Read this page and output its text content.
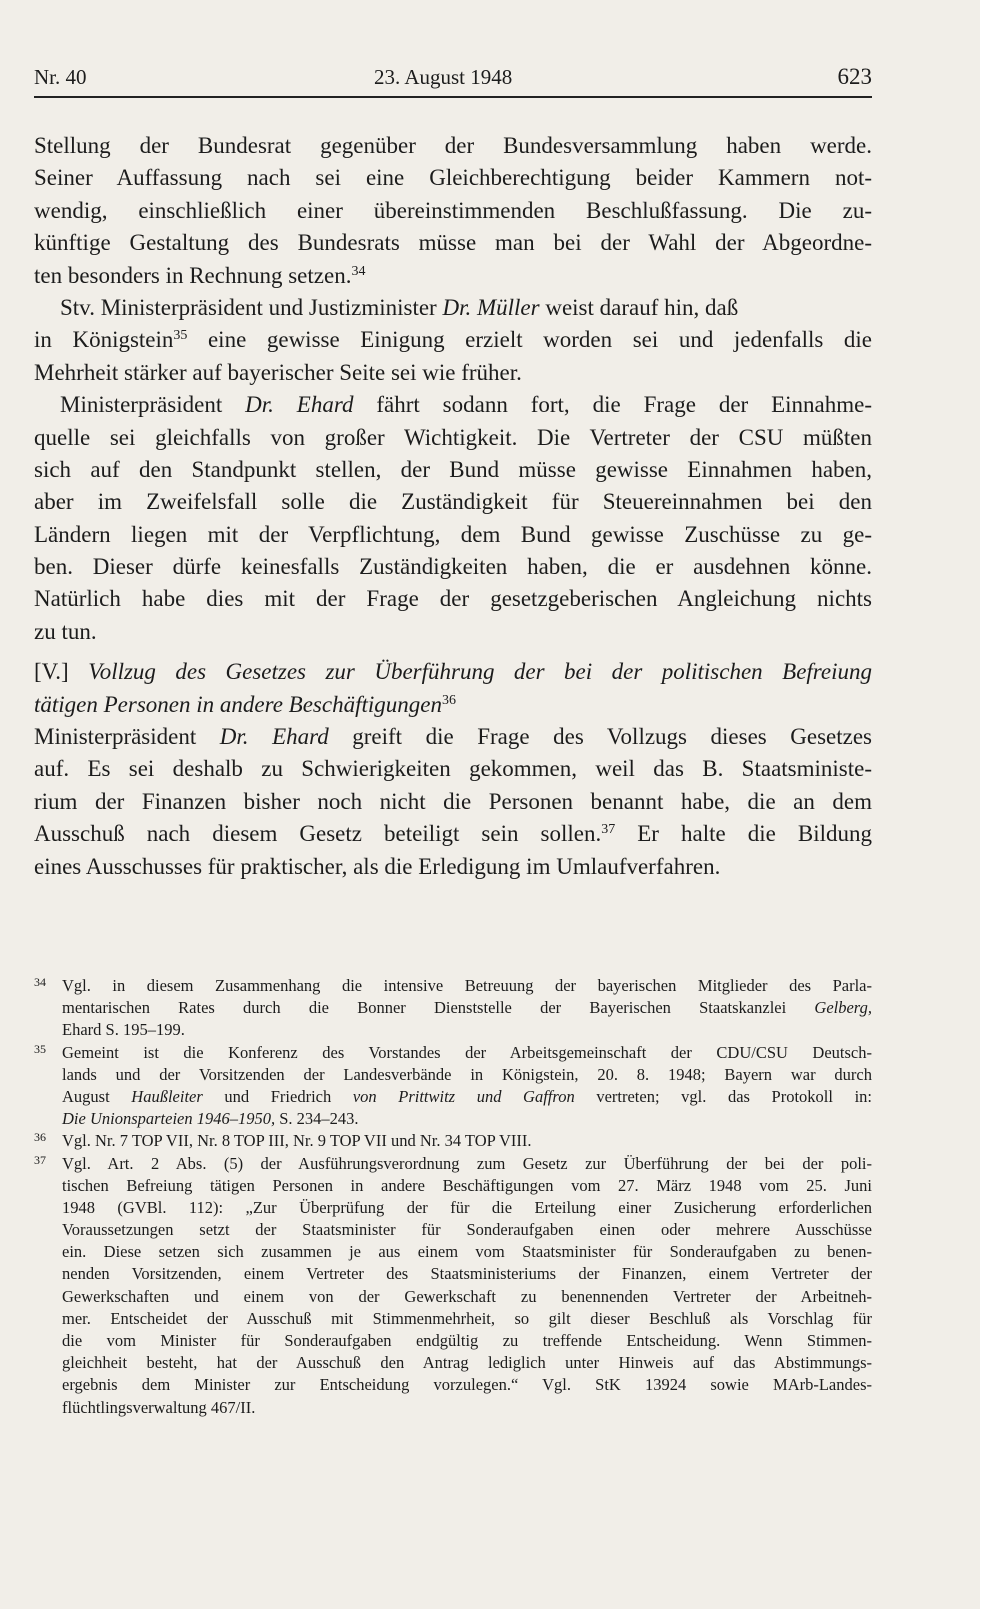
Nr. 40	23. August 1948	623
Stellung der Bundesrat gegenüber der Bundesversammlung haben werde.
Seiner Auffassung nach sei eine Gleichberechtigung beider Kammern not-
wendig, einschließlich einer übereinstimmenden Beschlußfassung. Die zu-
künftige Gestaltung des Bundesrats müsse man bei der Wahl der Abgeordne-
ten besonders in Rechnung setzen.$^{34}$
Stv. Ministerpräsident und Justizminister Dr. Müller weist darauf hin, daß
in Königstein$^{35}$ eine gewisse Einigung erzielt worden sei und jedenfalls die
Mehrheit stärker auf bayerischer Seite sei wie früher.
Ministerpräsident Dr. Ehard fährt sodann fort, die Frage der Einnahme-
quelle sei gleichfalls von großer Wichtigkeit. Die Vertreter der CSU müßten
sich auf den Standpunkt stellen, der Bund müsse gewisse Einnahmen haben,
aber im Zweifelsfall solle die Zuständigkeit für Steuereinnahmen bei den
Ländern liegen mit der Verpflichtung, dem Bund gewisse Zuschüsse zu ge-
ben. Dieser dürfe keinesfalls Zuständigkeiten haben, die er ausdehnen könne.
Natürlich habe dies mit der Frage der gesetzgeberischen Angleichung nichts
zu tun.
[V.] Vollzug des Gesetzes zur Überführung der bei der politischen Befreiung
tätigen Personen in andere Beschäftigungen$^{36}$
Ministerpräsident Dr. Ehard greift die Frage des Vollzugs dieses Gesetzes
auf. Es sei deshalb zu Schwierigkeiten gekommen, weil das B. Staatsministe-
rium der Finanzen bisher noch nicht die Personen benannt habe, die an dem
Ausschuß nach diesem Gesetz beteiligt sein sollen.$^{37}$ Er halte die Bildung
eines Ausschusses für praktischer, als die Erledigung im Umlaufverfahren.
34 Vgl. in diesem Zusammenhang die intensive Betreuung der bayerischen Mitglieder des Parla-
mentarischen Rates durch die Bonner Dienststelle der Bayerischen Staatskanzlei Gelberg,
Ehard S. 195–199.
35 Gemeint ist die Konferenz des Vorstandes der Arbeitsgemeinschaft der CDU/CSU Deutsch-
lands und der Vorsitzenden der Landesverbände in Königstein, 20. 8. 1948; Bayern war durch
August Haußleiter und Friedrich von Prittwitz und Gaffron vertreten; vgl. das Protokoll in:
Die Unionsparteien 1946–1950, S. 234–243.
36 Vgl. Nr. 7 TOP VII, Nr. 8 TOP III, Nr. 9 TOP VII und Nr. 34 TOP VIII.
37 Vgl. Art. 2 Abs. (5) der Ausführungsverordnung zum Gesetz zur Überführung der bei der poli-
tischen Befreiung tätigen Personen in andere Beschäftigungen vom 27. März 1948 vom 25. Juni
1948 (GVBl. 112): „Zur Überprüfung der für die Erteilung einer Zusicherung erforderlichen
Voraussetzungen setzt der Staatsminister für Sonderaufgaben einen oder mehrere Ausschüsse
ein. Diese setzen sich zusammen je aus einem vom Staatsminister für Sonderaufgaben zu benen-
nenden Vorsitzenden, einem Vertreter des Staatsministeriums der Finanzen, einem Vertreter der
Gewerkschaften und einem von der Gewerkschaft zu benennenden Vertreter der Arbeitneh-
mer. Entscheidet der Ausschuß mit Stimmenmehrheit, so gilt dieser Beschluß als Vorschlag für
die vom Minister für Sonderaufgaben endgültig zu treffende Entscheidung. Wenn Stimmen-
gleichheit besteht, hat der Ausschuß den Antrag lediglich unter Hinweis auf das Abstimmungs-
ergebnis dem Minister zur Entscheidung vorzulegen.“ Vgl. StK 13924 sowie MArb-Landes-
flüchtlingsverwaltung 467/II.
